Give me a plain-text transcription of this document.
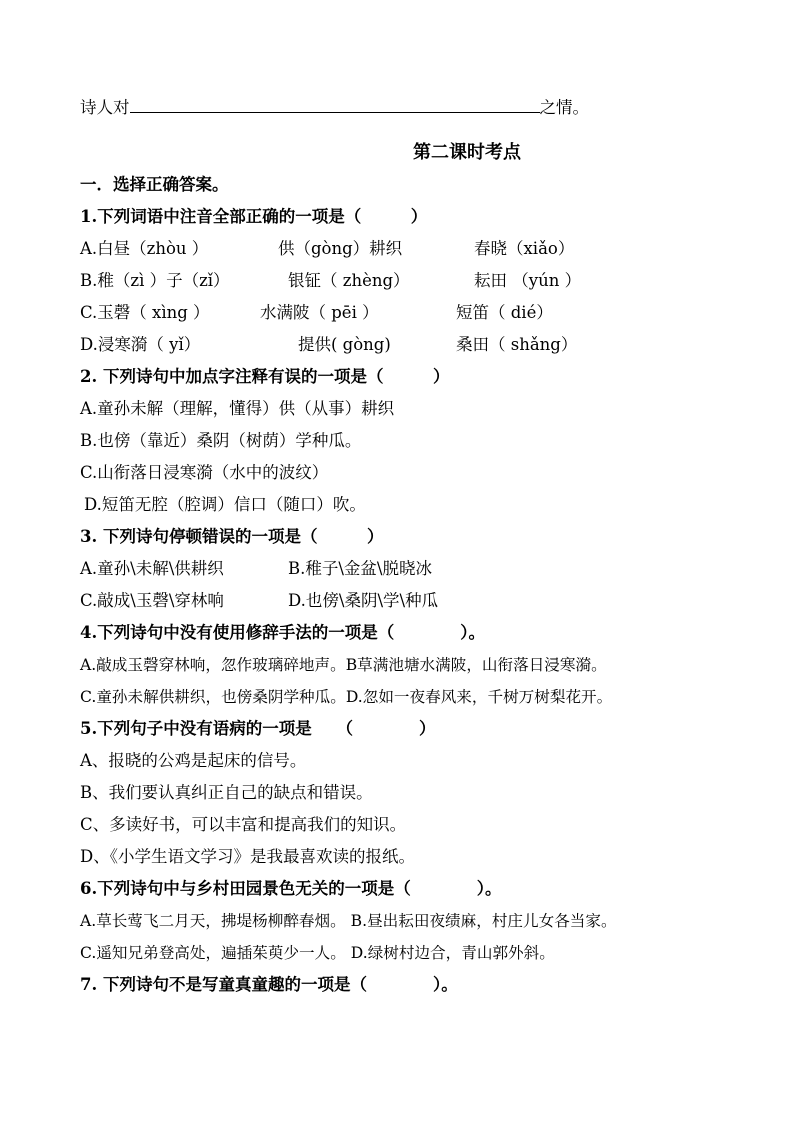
诗人对	之情。
第二课时考点
一．选择正确答案。
1.下列词语中注音全部正确的一项是（　　　）
A.白昼（zhòu ）	供（gòng）耕织	春晓（xiǎo）
B.稚（zì ）子（zǐ）	银钲（ zhèng）	耘田 （yún ）
C.玉磬（ xìng ）	水满陂（ pēi ）	短笛（ dié）
D.浸寒漪（ yǐ）	提供( gòng)	桑田（ shǎng）
2. 下列诗句中加点字注释有误的一项是（　　　）
A.童孙未解（理解，懂得）供（从事）耕织
B.也傍（靠近）桑阴（树荫）学种瓜。
C.山衔落日浸寒漪（水中的波纹）
D.短笛无腔（腔调）信口（随口）吹。
3. 下列诗句停顿错误的一项是（　　　）
A.童孙\未解\供耕织	B.稚子\金盆\脱晓冰
C.敲成\玉磬\穿林响	D.也傍\桑阴\学\种瓜
4.下列诗句中没有使用修辞手法的一项是（　　　　）。
A.敲成玉磬穿林响，忽作玻璃碎地声。B草满池塘水满陂，山衔落日浸寒漪。
C.童孙未解供耕织，也傍桑阴学种瓜。D.忽如一夜春风来，千树万树梨花开。
5.下列句子中没有语病的一项是　　（　　　　）
A、报晓的公鸡是起床的信号。
B、我们要认真纠正自己的缺点和错误。
C、多读好书，可以丰富和提高我们的知识。
D、《小学生语文学习》是我最喜欢读的报纸。
6.下列诗句中与乡村田园景色无关的一项是（　　　　）。
A.草长莺飞二月天，拂堤杨柳醉春烟。 B.昼出耘田夜绩麻，村庄儿女各当家。
C.遥知兄弟登高处，遍插茱萸少一人。 D.绿树村边合，青山郭外斜。
7. 下列诗句不是写童真童趣的一项是（　　　　）。
